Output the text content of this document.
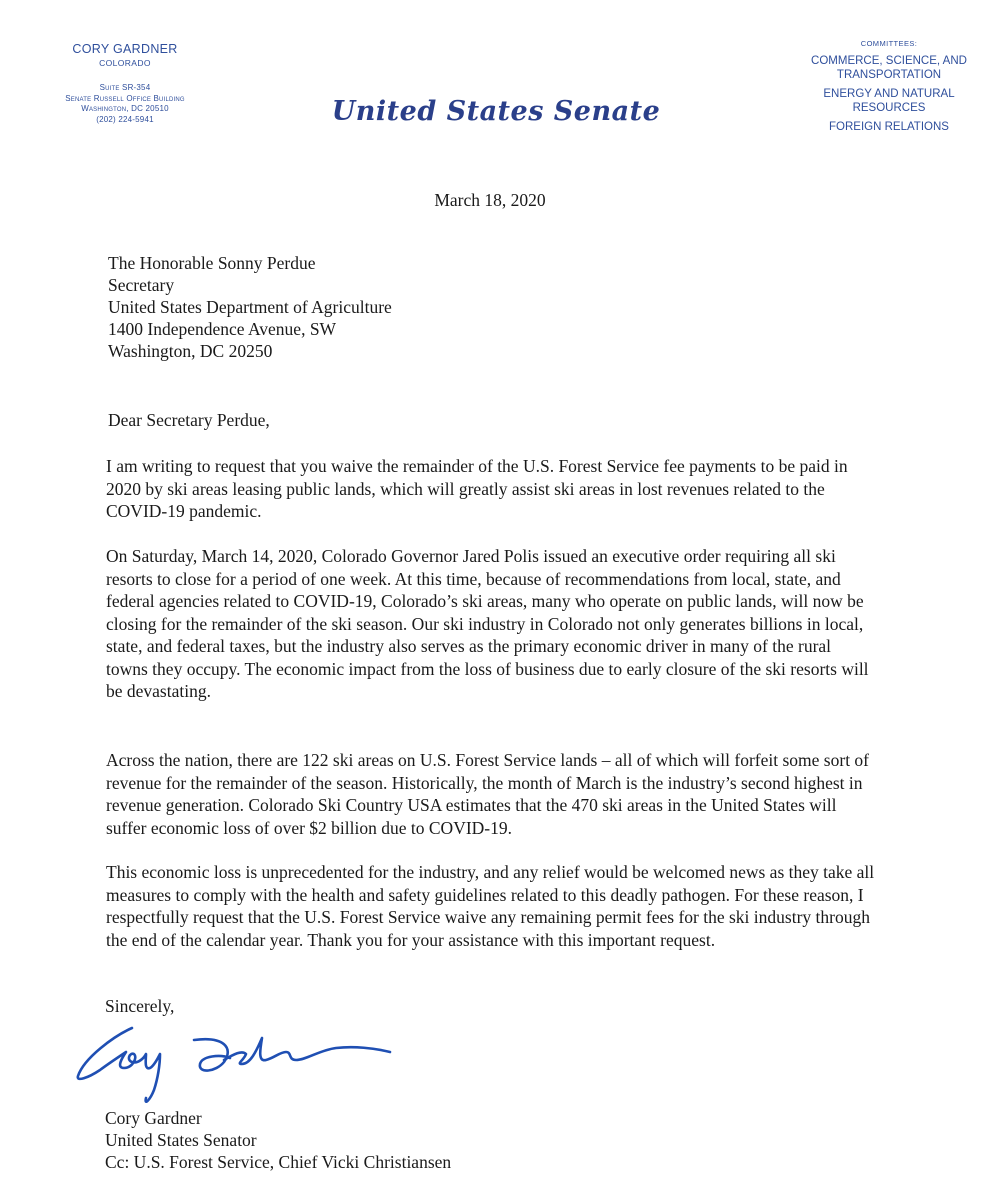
CORY GARDNER
COLORADO
Suite SR-354
Senate Russell Office Building
Washington, DC 20510
(202) 224-5941	United States Senate
COMMITTEES:
COMMERCE, SCIENCE, AND TRANSPORTATION
ENERGY AND NATURAL RESOURCES
FOREIGN RELATIONS
March 18, 2020
The Honorable Sonny Perdue
Secretary
United States Department of Agriculture
1400 Independence Avenue, SW
Washington, DC 20250
Dear Secretary Perdue,

I am writing to request that you waive the remainder of the U.S. Forest Service fee payments to be paid in 2020 by ski areas leasing public lands, which will greatly assist ski areas in lost revenues related to the COVID-19 pandemic.

On Saturday, March 14, 2020, Colorado Governor Jared Polis issued an executive order requiring all ski resorts to close for a period of one week. At this time, because of recommendations from local, state, and federal agencies related to COVID-19, Colorado’s ski areas, many who operate on public lands, will now be closing for the remainder of the ski season. Our ski industry in Colorado not only generates billions in local, state, and federal taxes, but the industry also serves as the primary economic driver in many of the rural towns they occupy. The economic impact from the loss of business due to early closure of the ski resorts will be devastating.

Across the nation, there are 122 ski areas on U.S. Forest Service lands – all of which will forfeit some sort of revenue for the remainder of the season. Historically, the month of March is the industry’s second highest in revenue generation. Colorado Ski Country USA estimates that the 470 ski areas in the United States will suffer economic loss of over $2 billion due to COVID-19.

This economic loss is unprecedented for the industry, and any relief would be welcomed news as they take all measures to comply with the health and safety guidelines related to this deadly pathogen. For these reason, I respectfully request that the U.S. Forest Service waive any remaining permit fees for the ski industry through the end of the calendar year. Thank you for your assistance with this important request.

Sincerely,
Cory Gardner
United States Senator
Cc: U.S. Forest Service, Chief Vicki Christiansen
